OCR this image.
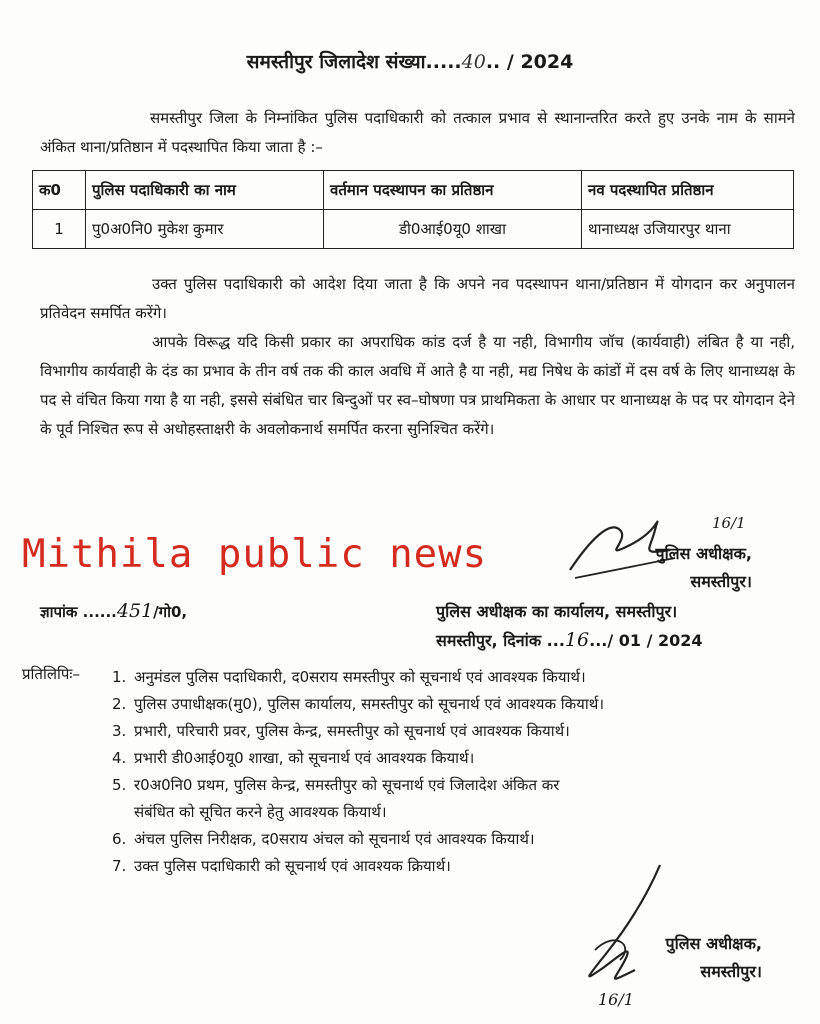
समस्तीपुर जिलादेश संख्या.....40.. / 2024
समस्तीपुर जिला के निम्नांकित पुलिस पदाधिकारी को तत्काल प्रभाव से स्थानान्तरित करते हुए उनके नाम के सामने अंकित थाना/प्रतिष्ठान में पदस्थापित किया जाता है :–
क0	पुलिस पदाधिकारी का नाम	वर्तमान पदस्थापन का प्रतिष्ठान	नव पदस्थापित प्रतिष्ठान
1	पु0अ0नि0 मुकेश कुमार	डी0आई0यू0 शाखा	थानाध्यक्ष उजियारपुर थाना
उक्त पुलिस पदाधिकारी को आदेश दिया जाता है कि अपने नव पदस्थापन थाना/प्रतिष्ठान में योगदान कर अनुपालन प्रतिवेदन समर्पित करेंगे।
आपके विरूद्ध यदि किसी प्रकार का अपराधिक कांड दर्ज है या नही, विभागीय जॉच (कार्यवाही) लंबित है या नही, विभागीय कार्यवाही के दंड का प्रभाव के तीन वर्ष तक की काल अवधि में आते है या नही, मद्य निषेध के कांडों में दस वर्ष के लिए थानाध्यक्ष के पद से वंचित किया गया है या नही, इससे संबंधित चार बिन्दुओं पर स्व–घोषणा पत्र प्राथमिकता के आधार पर थानाध्यक्ष के पद पर योगदान देने के पूर्व निश्चित रूप से अधोहस्ताक्षरी के अवलोकनार्थ समर्पित करना सुनिश्चित करेंगे।
Mithila public news
16/1
पुलिस अधीक्षक,
समस्तीपुर।
ज्ञापांक ......451/गो0,	पुलिस अधीक्षक का कार्यालय, समस्तीपुर।
समस्तीपुर, दिनांक ...16.../ 01 / 2024
प्रतिलिपिः– 1. अनुमंडल पुलिस पदाधिकारी, द0सराय समस्तीपुर को सूचनार्थ एवं आवश्यक कियार्थ।
2. पुलिस उपाधीक्षक(मु0), पुलिस कार्यालय, समस्तीपुर को सूचनार्थ एवं आवश्यक कियार्थ।
3. प्रभारी, परिचारी प्रवर, पुलिस केन्द्र, समस्तीपुर को सूचनार्थ एवं आवश्यक कियार्थ।
4. प्रभारी डी0आई0यू0 शाखा, को सूचनार्थ एवं आवश्यक कियार्थ।
5. र0अ0नि0 प्रथम, पुलिस केन्द्र, समस्तीपुर को सूचनार्थ एवं जिलादेश अंकित कर
संबंधित को सूचित करने हेतु आवश्यक कियार्थ।
6. अंचल पुलिस निरीक्षक, द0सराय अंचल को सूचनार्थ एवं आवश्यक कियार्थ।
7. उक्त पुलिस पदाधिकारी को सूचनार्थ एवं आवश्यक क्रियार्थ।
पुलिस अधीक्षक,
समस्तीपुर।
16/1
